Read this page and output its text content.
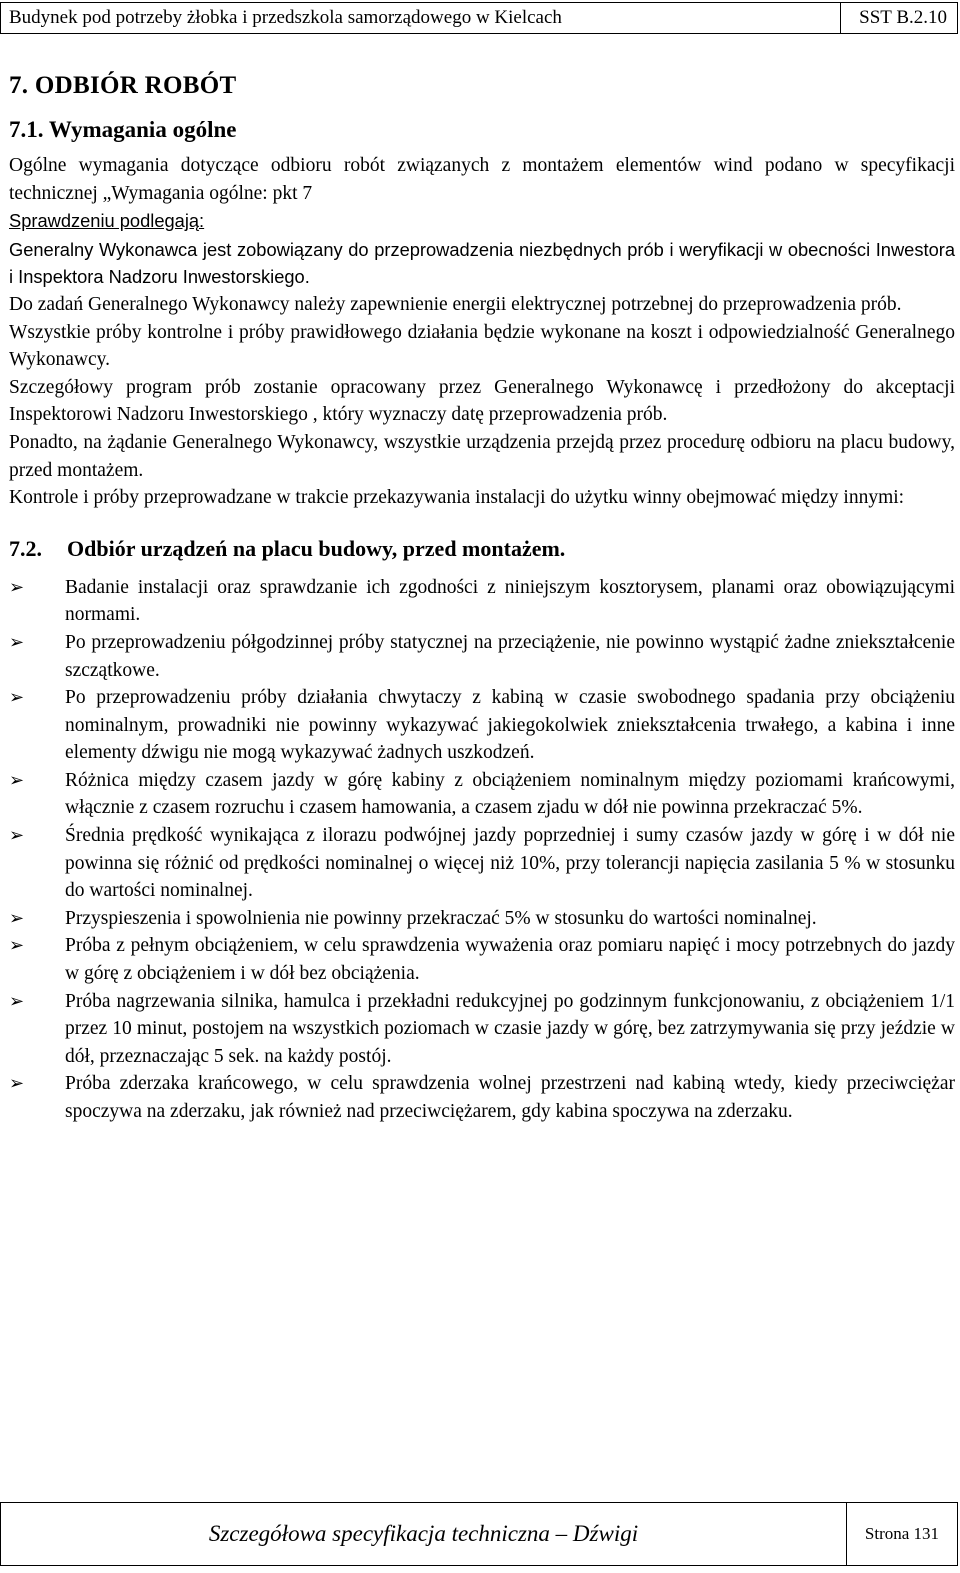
Budynek pod potrzeby żłobka i przedszkola samorządowego w Kielcach	SST B.2.10
7. ODBIÓR ROBÓT
7.1. Wymagania ogólne

Ogólne wymagania dotyczące odbioru robót związanych z montażem elementów wind podano w specyfikacji technicznej „Wymagania ogólne: pkt 7

Sprawdzeniu podlegają:

Generalny Wykonawca jest zobowiązany do przeprowadzenia niezbędnych prób i weryfikacji w obecności Inwestora i Inspektora Nadzoru Inwestorskiego.

Do zadań Generalnego Wykonawcy należy zapewnienie energii elektrycznej potrzebnej do przeprowadzenia prób.

Wszystkie próby kontrolne i próby prawidłowego działania będzie wykonane na koszt i odpowiedzialność Generalnego Wykonawcy.

Szczegółowy program prób zostanie opracowany przez Generalnego Wykonawcę i przedłożony do akceptacji Inspektorowi Nadzoru Inwestorskiego , który wyznaczy datę przeprowadzenia prób.

Ponadto, na żądanie Generalnego Wykonawcy, wszystkie urządzenia przejdą przez procedurę odbioru na placu budowy, przed montażem.

Kontrole i próby przeprowadzane w trakcie przekazywania instalacji do użytku winny obejmować między innymi:

7.2. Odbiór urządzeń na placu budowy, przed montażem.
➢ Badanie instalacji oraz sprawdzanie ich zgodności z niniejszym kosztorysem, planami oraz obowiązującymi normami.
➢ Po przeprowadzeniu półgodzinnej próby statycznej na przeciążenie, nie powinno wystąpić żadne zniekształcenie szczątkowe.
➢ Po przeprowadzeniu próby działania chwytaczy z kabiną w czasie swobodnego spadania przy obciążeniu nominalnym, prowadniki nie powinny wykazywać jakiegokolwiek zniekształcenia trwałego, a kabina i inne elementy dźwigu nie mogą wykazywać żadnych uszkodzeń.
➢ Różnica między czasem jazdy w górę kabiny z obciążeniem nominalnym między poziomami krańcowymi, włącznie z czasem rozruchu i czasem hamowania, a czasem zjadu w dół nie powinna przekraczać 5%.
➢ Średnia prędkość wynikająca z ilorazu podwójnej jazdy poprzedniej i sumy czasów jazdy w górę i w dół nie powinna się różnić od prędkości nominalnej o więcej niż 10%, przy tolerancji napięcia zasilania 5 % w stosunku do wartości nominalnej.
➢ Przyspieszenia i spowolnienia nie powinny przekraczać 5% w stosunku do wartości nominalnej.
➢ Próba z pełnym obciążeniem, w celu sprawdzenia wyważenia oraz pomiaru napięć i mocy potrzebnych do jazdy w górę z obciążeniem i w dół bez obciążenia.
➢ Próba nagrzewania silnika, hamulca i przekładni redukcyjnej po godzinnym funkcjonowaniu, z obciążeniem 1/1 przez 10 minut, postojem na wszystkich poziomach w czasie jazdy w górę, bez zatrzymywania się przy jeździe w dół, przeznaczając 5 sek. na każdy postój.
➢ Próba zderzaka krańcowego, w celu sprawdzenia wolnej przestrzeni nad kabiną wtedy, kiedy przeciwciężar spoczywa na zderzaku, jak również nad przeciwciężarem, gdy kabina spoczywa na zderzaku.
Szczegółowa specyfikacja techniczna – Dźwigi	Strona 131
